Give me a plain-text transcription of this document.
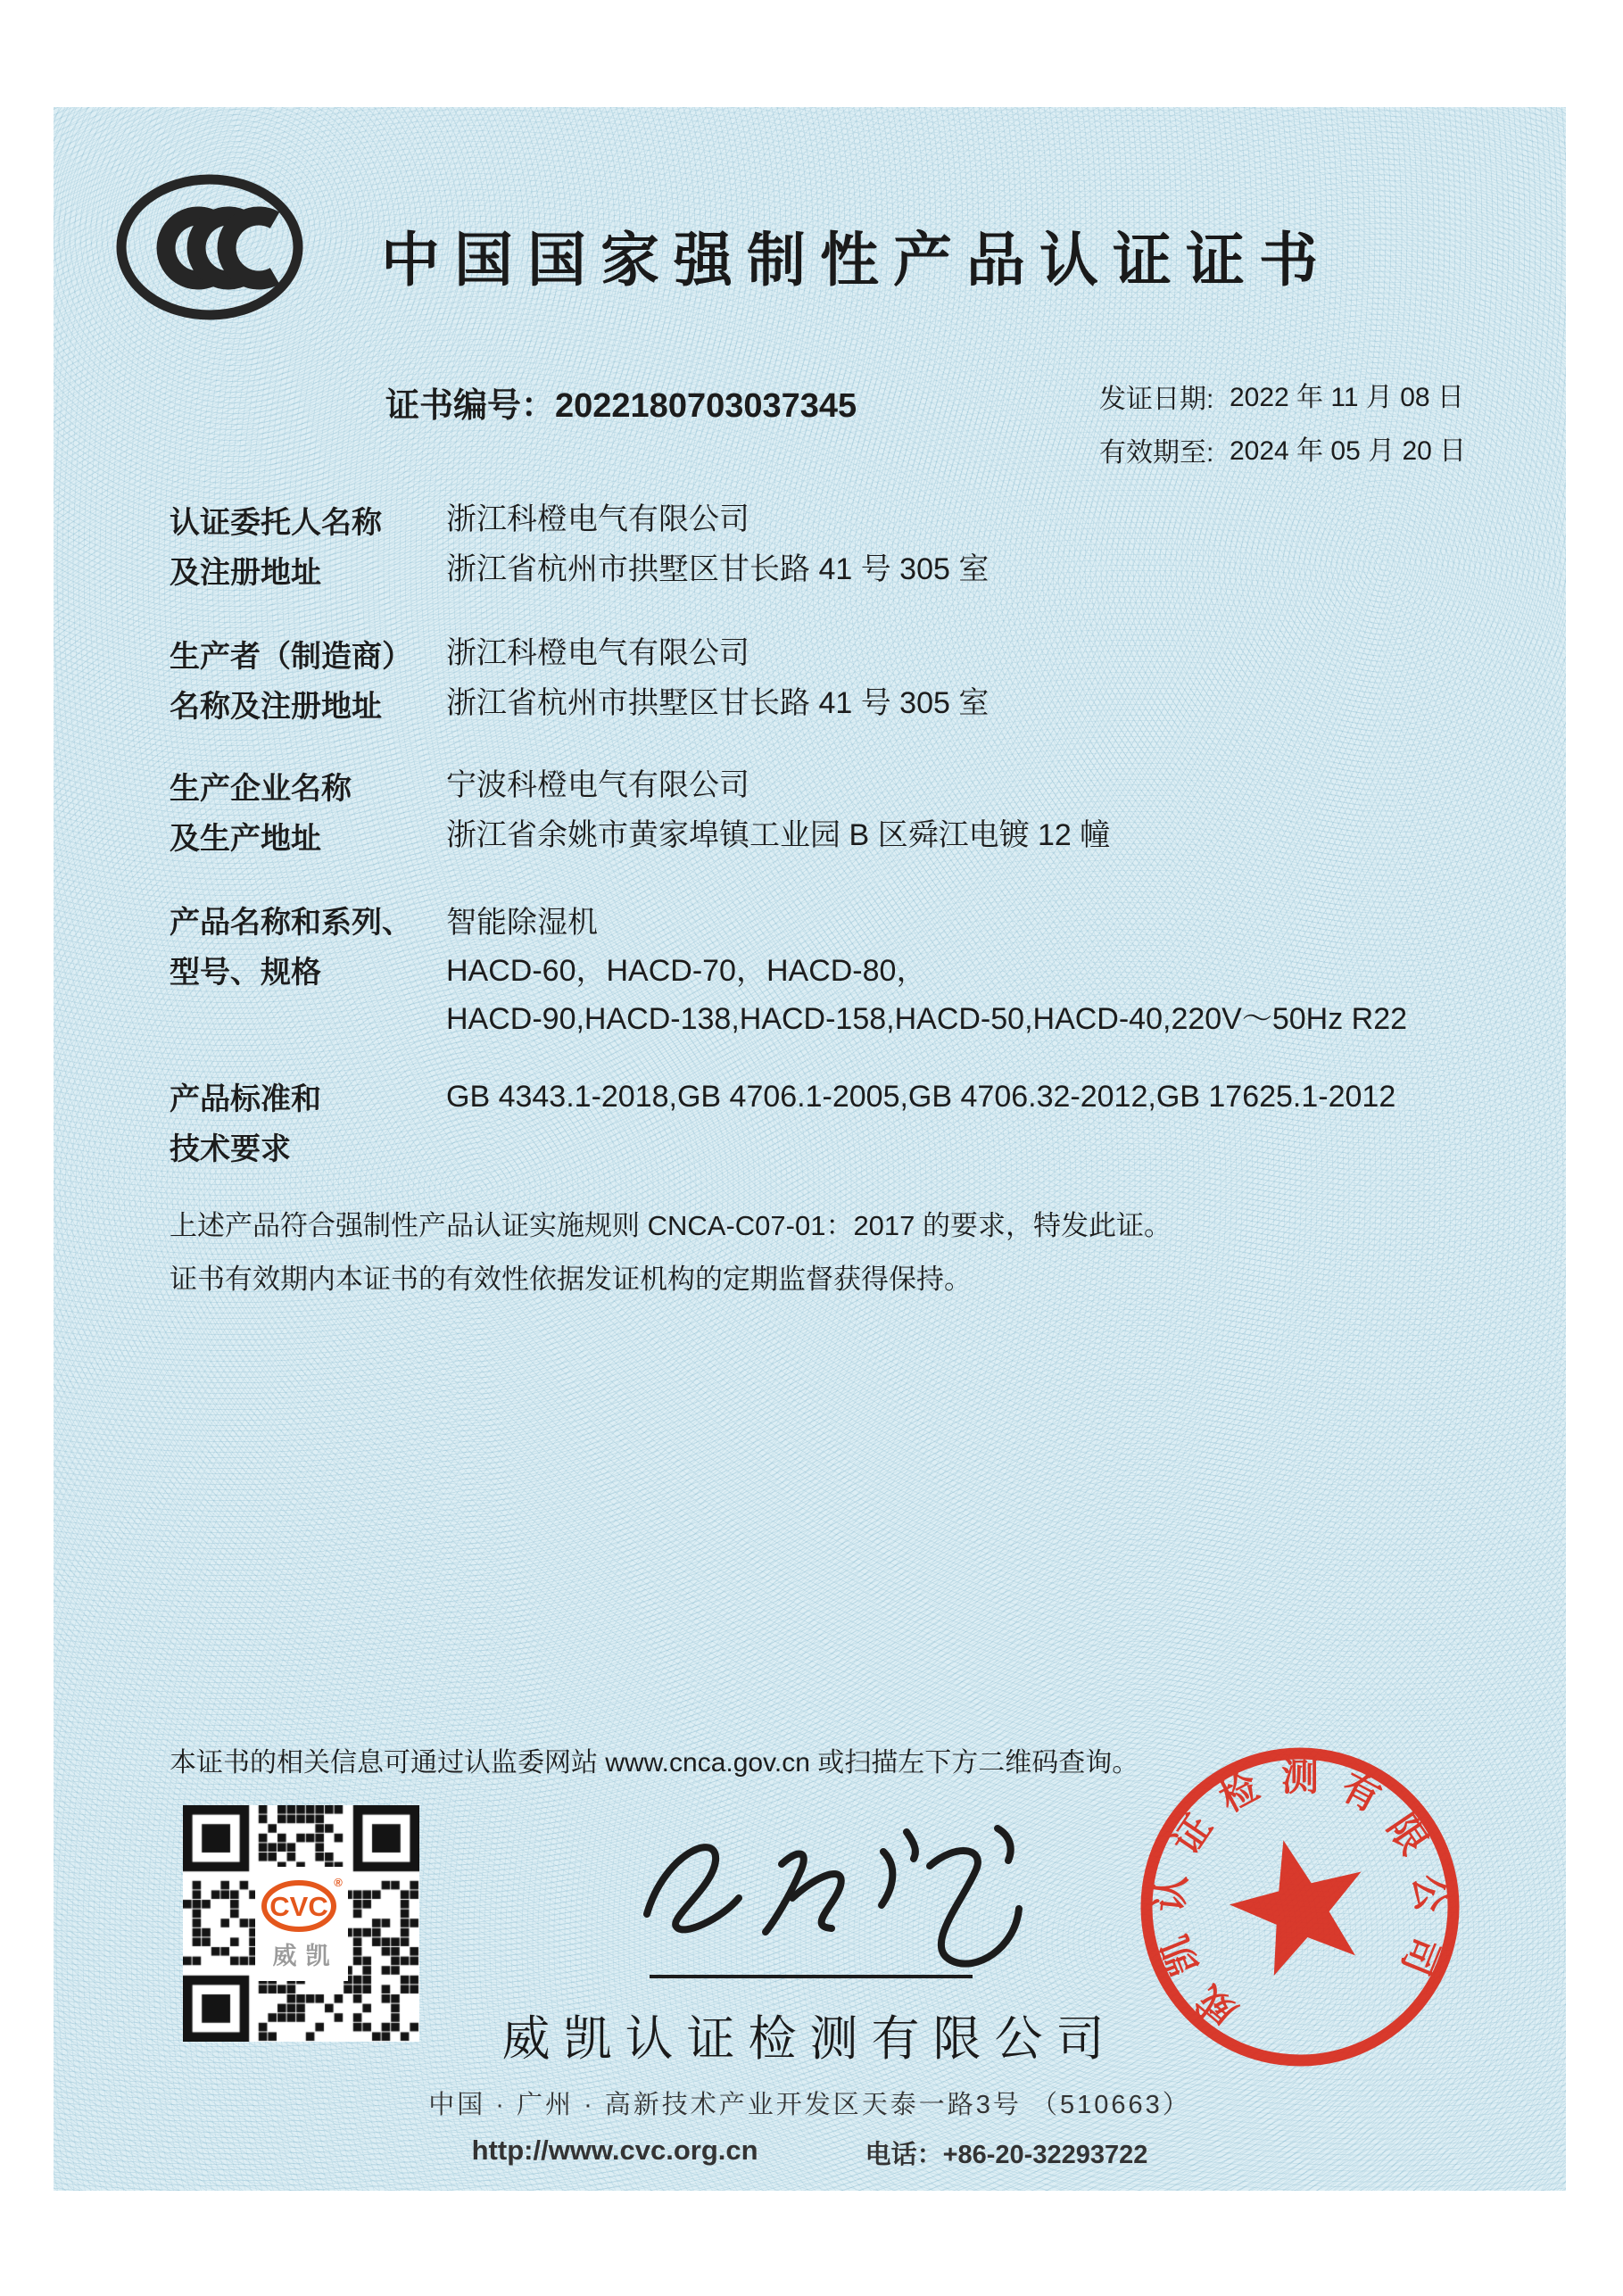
中国国家强制性产品认证证书
证书编号：2022180703037345	发证日期: 2022 年 11 月 08 日
有效期至: 2024 年 05 月 20 日
认证委托人名称
及注册地址
浙江科橙电气有限公司
浙江省杭州市拱墅区甘长路 41 号 305 室
生产者（制造商）
名称及注册地址
浙江科橙电气有限公司
浙江省杭州市拱墅区甘长路 41 号 305 室
生产企业名称
及生产地址
宁波科橙电气有限公司
浙江省余姚市黄家埠镇工业园 B 区舜江电镀 12 幢
产品名称和系列、
型号、规格
智能除湿机
HACD-60，HACD-70，HACD-80，
HACD-90,HACD-138,HACD-158,HACD-50,HACD-40,220V～50Hz R22
产品标准和
技术要求
GB 4343.1-2018,GB 4706.1-2005,GB 4706.32-2012,GB 17625.1-2012
上述产品符合强制性产品认证实施规则 CNCA-C07-01：2017 的要求，特发此证。
证书有效期内本证书的有效性依据发证机构的定期监督获得保持。
本证书的相关信息可通过认监委网站 www.cnca.gov.cn 或扫描左下方二维码查询。
威凯认证检测有限公司
中国 · 广州 · 高新技术产业开发区天泰一路3号 （510663）
http://www.cvc.org.cn	电话：+86-20-32293722
CVC
®
威凯
威
凯
认
证
检 测 有
限
公
司
